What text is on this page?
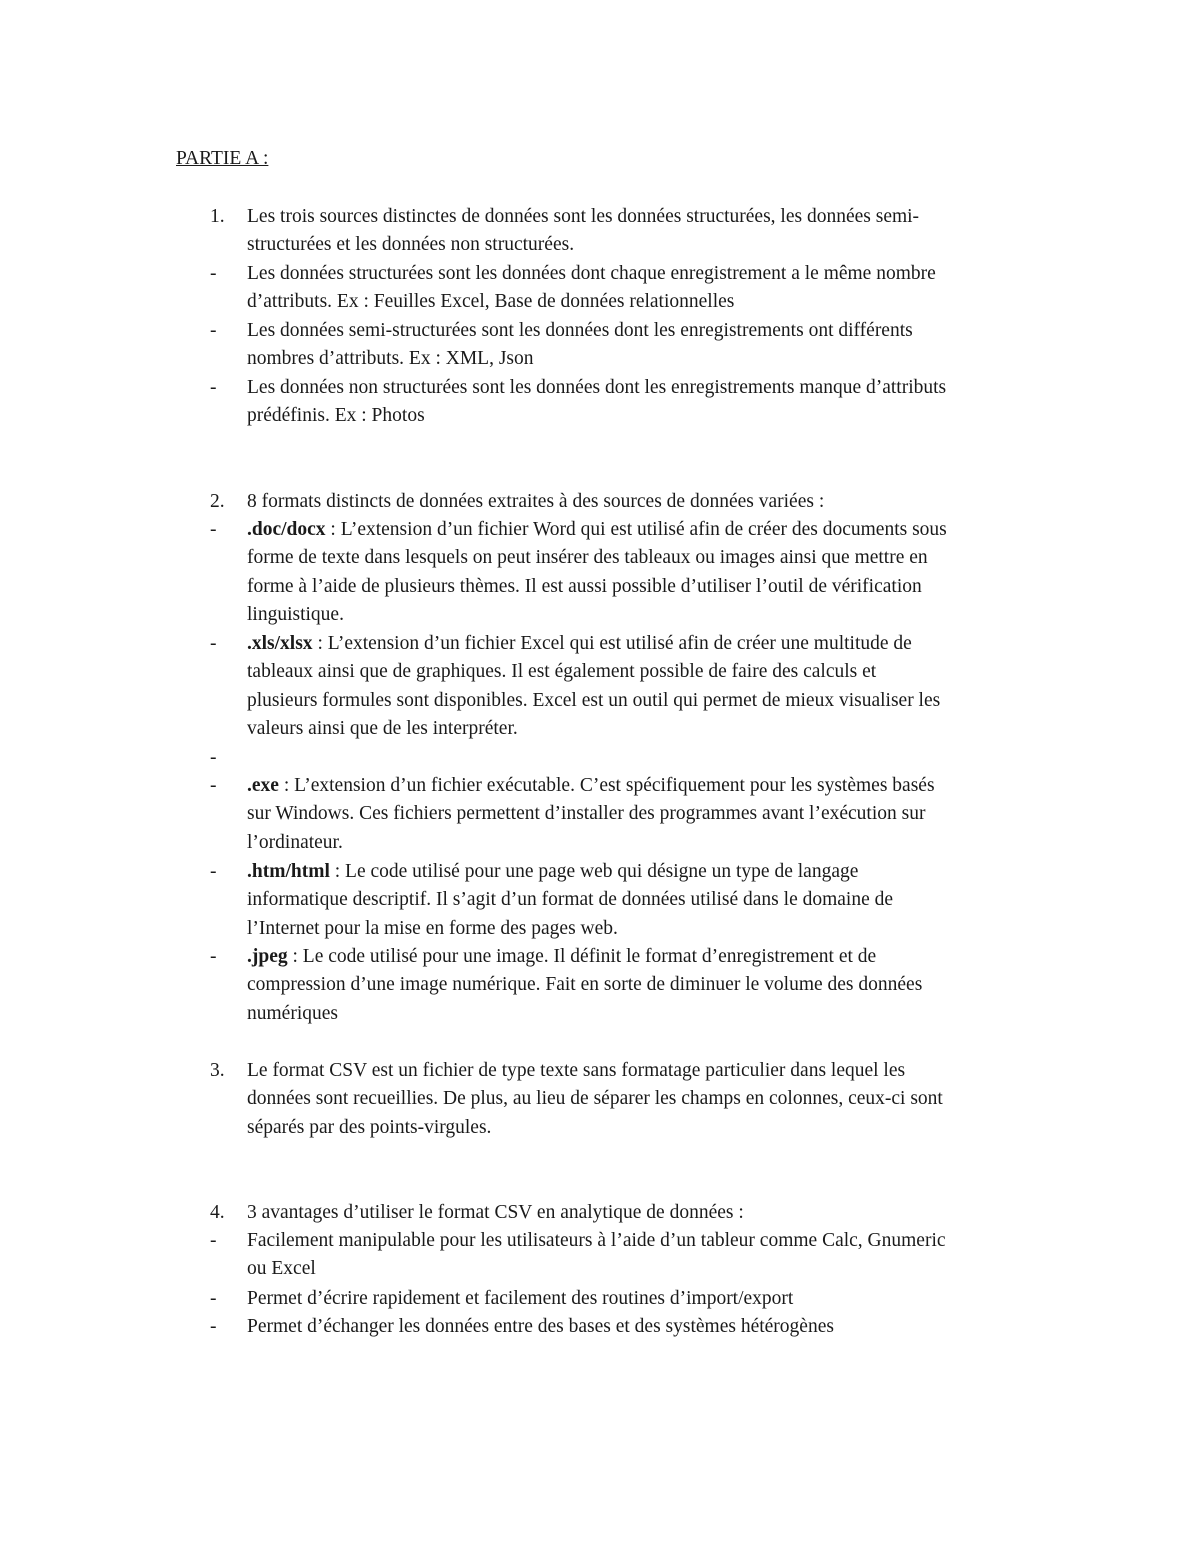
PARTIE A :
1.	Les trois sources distinctes de données sont les données structurées, les données semi-
structurées et les données non structurées.
-	Les données structurées sont les données dont chaque enregistrement a le même nombre
d’attributs. Ex : Feuilles Excel, Base de données relationnelles
-	Les données semi-structurées sont les données dont les enregistrements ont différents
nombres d’attributs. Ex : XML, Json
-	Les données non structurées sont les données dont les enregistrements manque d’attributs
prédéfinis. Ex : Photos
2.	8 formats distincts de données extraites à des sources de données variées :
-	.doc/docx : L’extension d’un fichier Word qui est utilisé afin de créer des documents sous
forme de texte dans lesquels on peut insérer des tableaux ou images ainsi que mettre en
forme à l’aide de plusieurs thèmes. Il est aussi possible d’utiliser l’outil de vérification
linguistique.
-	.xls/xlsx : L’extension d’un fichier Excel qui est utilisé afin de créer une multitude de
tableaux ainsi que de graphiques. Il est également possible de faire des calculs et
plusieurs formules sont disponibles. Excel est un outil qui permet de mieux visualiser les
valeurs ainsi que de les interpréter.
-
-	.exe : L’extension d’un fichier exécutable. C’est spécifiquement pour les systèmes basés
sur Windows. Ces fichiers permettent d’installer des programmes avant l’exécution sur
l’ordinateur.
-	.htm/html : Le code utilisé pour une page web qui désigne un type de langage
informatique descriptif. Il s’agit d’un format de données utilisé dans le domaine de
l’Internet pour la mise en forme des pages web.
-	.jpeg : Le code utilisé pour une image. Il définit le format d’enregistrement et de
compression d’une image numérique. Fait en sorte de diminuer le volume des données
numériques
3.	Le format CSV est un fichier de type texte sans formatage particulier dans lequel les
données sont recueillies. De plus, au lieu de séparer les champs en colonnes, ceux-ci sont
séparés par des points-virgules.
4.	3 avantages d’utiliser le format CSV en analytique de données :
-	Facilement manipulable pour les utilisateurs à l’aide d’un tableur comme Calc, Gnumeric
ou Excel
-	Permet d’écrire rapidement et facilement des routines d’import/export
-	Permet d’échanger les données entre des bases et des systèmes hétérogènes
